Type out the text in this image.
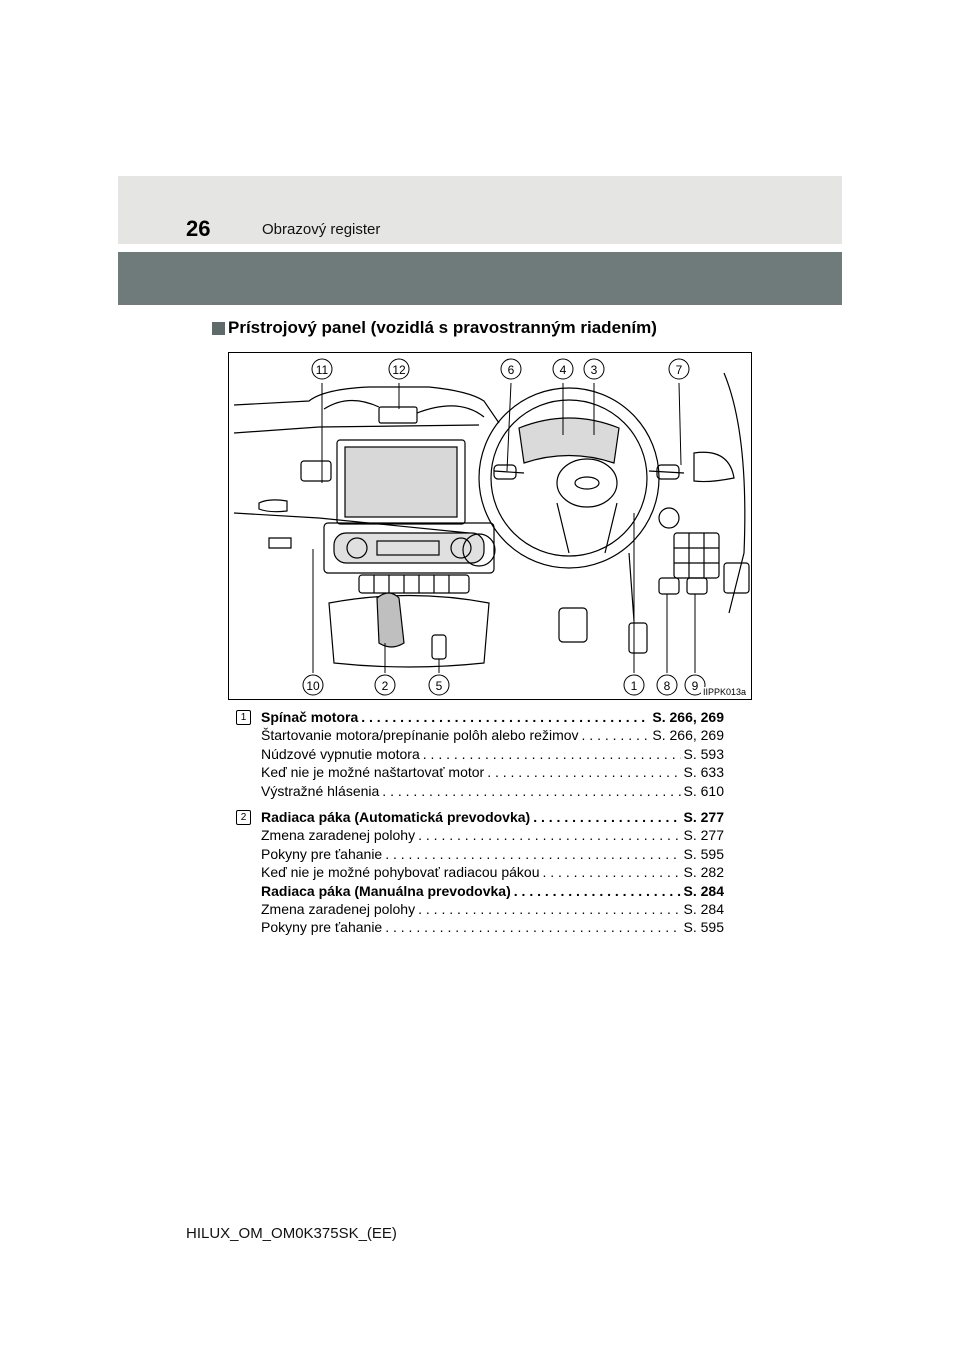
26	Obrazový register
Prístrojový panel (vozidlá s pravostranným riadením)
11	12	6	4 3	7
10	2	5	1 8 9 IIPPK013a
1	Spínač motora . . .	S. 266, 269
Štartovanie motora/prepínanie polôh alebo režimov . . .	S. 266, 269
Núdzové vypnutie motora . . .	S. 593
Keď nie je možné naštartovať motor . . .	S. 633
Výstražné hlásenia . . .	S. 610
2	Radiaca páka (Automatická prevodovka) . . .	S. 277
Zmena zaradenej polohy . . .	S. 277
Pokyny pre ťahanie . . .	S. 595
Keď nie je možné pohybovať radiacou pákou . . .	S. 282
Radiaca páka (Manuálna prevodovka) . . .	S. 284
Zmena zaradenej polohy . . .	S. 284
Pokyny pre ťahanie . . .	S. 595
HILUX_OM_OM0K375SK_(EE)
